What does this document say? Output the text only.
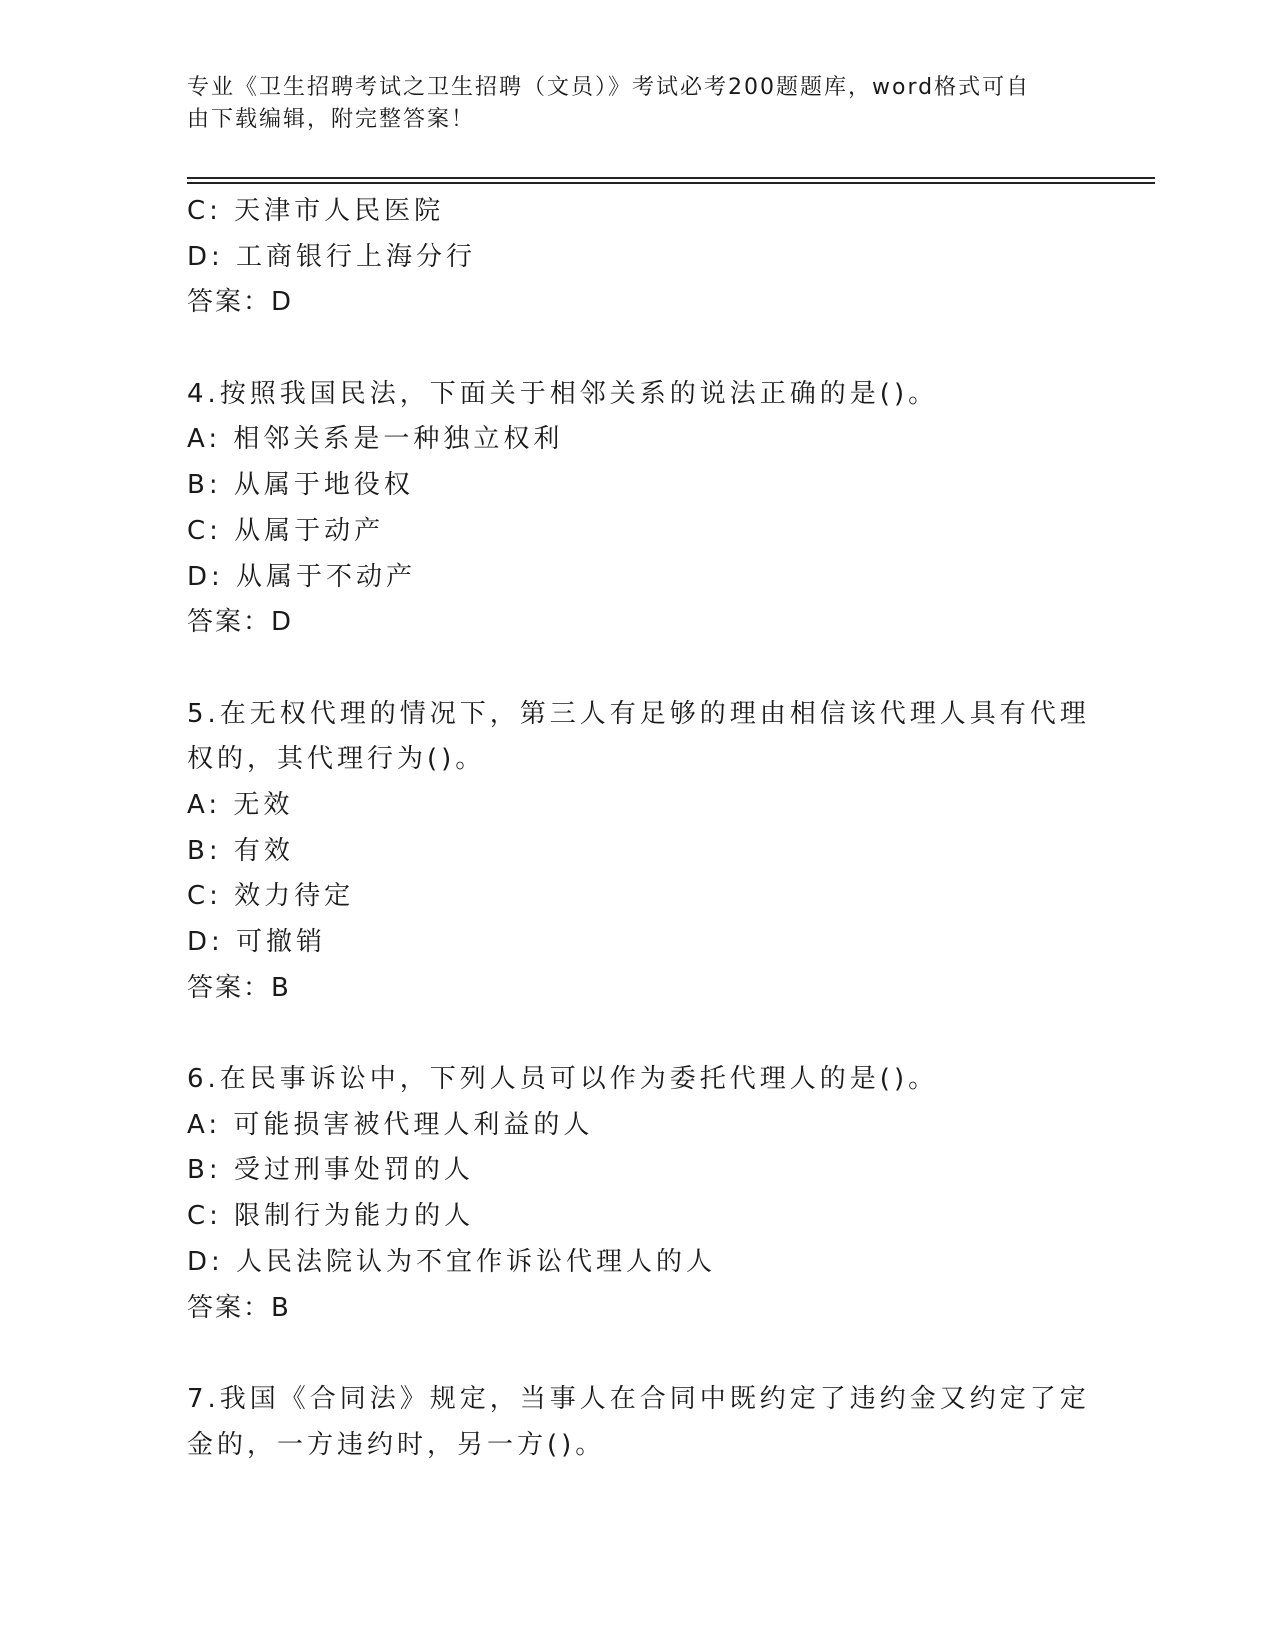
专业《卫生招聘考试之卫生招聘（文员）》考试必考200题题库，word格式可自
由下载编辑，附完整答案！
C: 天津市人民医院
D: 工商银行上海分行
答案：D
4.按照我国民法，下面关于相邻关系的说法正确的是()。
A: 相邻关系是一种独立权利
B: 从属于地役权
C: 从属于动产
D: 从属于不动产
答案：D
5.在无权代理的情况下，第三人有足够的理由相信该代理人具有代理
权的，其代理行为()。
A: 无效
B: 有效
C: 效力待定
D: 可撤销
答案：B
6.在民事诉讼中，下列人员可以作为委托代理人的是()。
A: 可能损害被代理人利益的人
B: 受过刑事处罚的人
C: 限制行为能力的人
D: 人民法院认为不宜作诉讼代理人的人
答案：B
7.我国《合同法》规定，当事人在合同中既约定了违约金又约定了定
金的，一方违约时，另一方()。
